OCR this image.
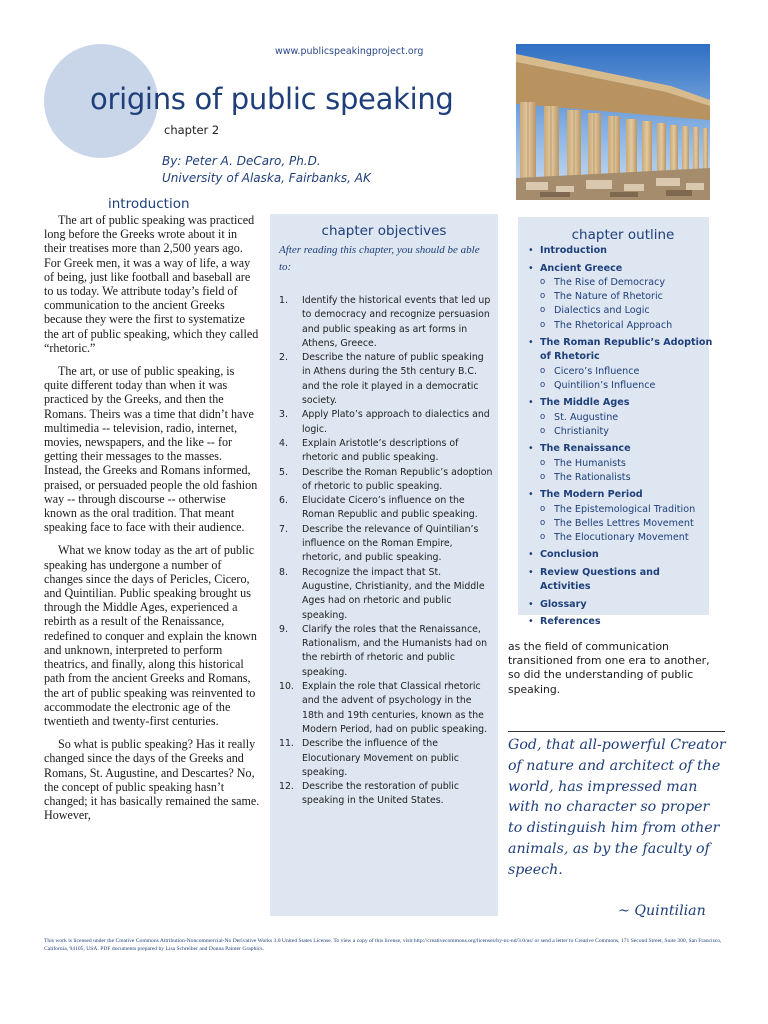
www.publicspeakingproject.org
origins of public speaking
chapter 2
By: Peter A. DeCaro, Ph.D.
University of Alaska, Fairbanks, AK
introduction

The art of public speaking was practiced long before the Greeks wrote about it in their treatises more than 2,500 years ago. For Greek men, it was a way of life, a way of being, just like football and baseball are to us today. We attribute today’s field of communication to the ancient Greeks because they were the first to systematize the art of public speaking, which they called “rhetoric.”

The art, or use of public speaking, is quite different today than when it was practiced by the Greeks, and then the Romans. Theirs was a time that didn’t have multimedia -- television, radio, internet, movies, newspapers, and the like -- for getting their messages to the masses. Instead, the Greeks and Romans informed, praised, or persuaded people the old fashion way -- through discourse -- otherwise known as the oral tradition. That meant speaking face to face with their audience.

What we know today as the art of public speaking has undergone a number of changes since the days of Pericles, Cicero, and Quintilian. Public speaking brought us through the Middle Ages, experienced a rebirth as a result of the Renaissance, redefined to conquer and explain the known and unknown, interpreted to perform theatrics, and finally, along this historical path from the ancient Greeks and Romans, the art of public speaking was reinvented to accommodate the electronic age of the twentieth and twenty-first centuries.

So what is public speaking? Has it really changed since the days of the Greeks and Romans, St. Augustine, and Descartes? No, the concept of public speaking hasn’t changed; it has basically remained the same. However,

chapter objectives
After reading this chapter, you should be able to:
1. Identify the historical events that led up to democracy and recognize persuasion and public speaking as art forms in Athens, Greece.
2. Describe the nature of public speaking in Athens during the 5th century B.C. and the role it played in a democratic society.
3. Apply Plato’s approach to dialectics and logic.
4. Explain Aristotle’s descriptions of rhetoric and public speaking.
5. Describe the Roman Republic’s adoption of rhetoric to public speaking.
6. Elucidate Cicero’s influence on the Roman Republic and public speaking.
7. Describe the relevance of Quintilian’s influence on the Roman Empire, rhetoric, and public speaking.
8. Recognize the impact that St. Augustine, Christianity, and the Middle Ages had on rhetoric and public speaking.
9. Clarify the roles that the Renaissance, Rationalism, and the Humanists had on the rebirth of rhetoric and public speaking.
10. Explain the role that Classical rhetoric and the advent of psychology in the 18th and 19th centuries, known as the Modern Period, had on public speaking.
11. Describe the influence of the Elocutionary Movement on public speaking.
12. Describe the restoration of public speaking in the United States.
chapter outline
• Introduction
• Ancient Greece
o The Rise of Democracy
o The Nature of Rhetoric
o Dialectics and Logic
o The Rhetorical Approach
• The Roman Republic’s Adoption of Rhetoric
o Cicero’s Influence
o Quintilion’s Influence
• The Middle Ages
o St. Augustine
o Christianity
• The Renaissance
o The Humanists
o The Rationalists
• The Modern Period
o The Epistemological Tradition
o The Belles Lettres Movement
o The Elocutionary Movement
• Conclusion
• Review Questions and Activities
• Glossary
• References
as the field of communication transitioned from one era to another, so did the understanding of public speaking.
God, that all-powerful Creator of nature and architect of the world, has impressed man with no character so proper to distinguish him from other animals, as by the faculty of speech.
~ Quintilian
This work is licensed under the Creative Commons Attribution-Noncommercial-No Derivative Works 3.0 United States License. To view a copy of this license, visit http://creativecommons.org/licenses/by-nc-nd/3.0/us/ or send a letter to Creative Commons, 171 Second Street, Suite 300, San Francisco, California, 94105, USA. PDF documents prepared by Lisa Schreiber and Donna Painter Graphics.
